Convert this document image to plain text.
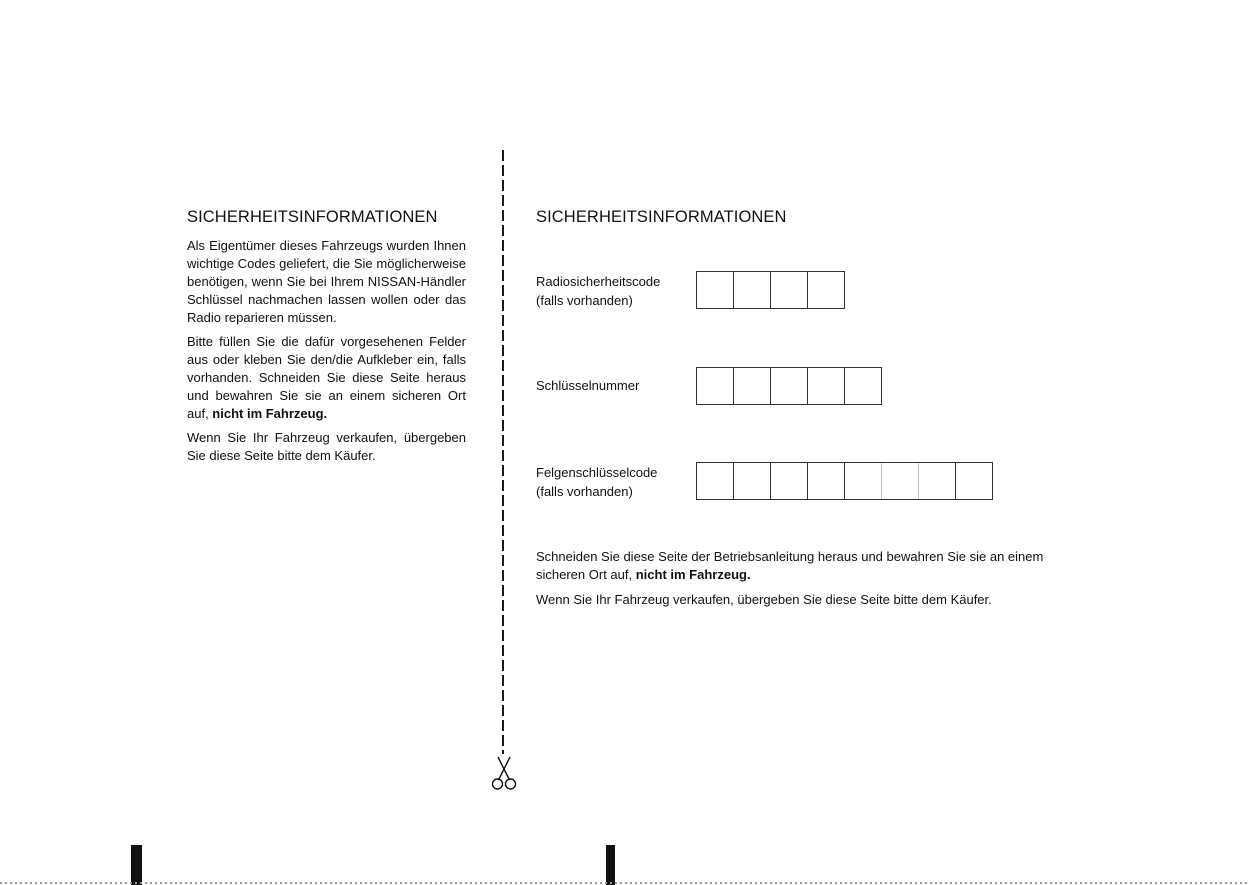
SICHERHEITSINFORMATIONEN

Als Eigentümer dieses Fahrzeugs wurden Ihnen wichtige Codes geliefert, die Sie möglicherweise benötigen, wenn Sie bei Ihrem NISSAN-Händler Schlüssel nachmachen lassen wollen oder das Radio reparieren müssen.

Bitte füllen Sie die dafür vorgesehenen Felder aus oder kleben Sie den/die Aufkleber ein, falls vorhanden. Schneiden Sie diese Seite heraus und bewahren Sie sie an einem sicheren Ort auf, nicht im Fahrzeug.

Wenn Sie Ihr Fahrzeug verkaufen, übergeben Sie diese Seite bitte dem Käufer.

SICHERHEITSINFORMATIONEN
Radiosicherheitscode
(falls vorhanden)
Schlüsselnummer
Felgenschlüsselcode
(falls vorhanden)

Schneiden Sie diese Seite der Betriebsanleitung heraus und bewahren Sie sie an einem sicheren Ort auf, nicht im Fahrzeug.

Wenn Sie Ihr Fahrzeug verkaufen, übergeben Sie diese Seite bitte dem Käufer.
